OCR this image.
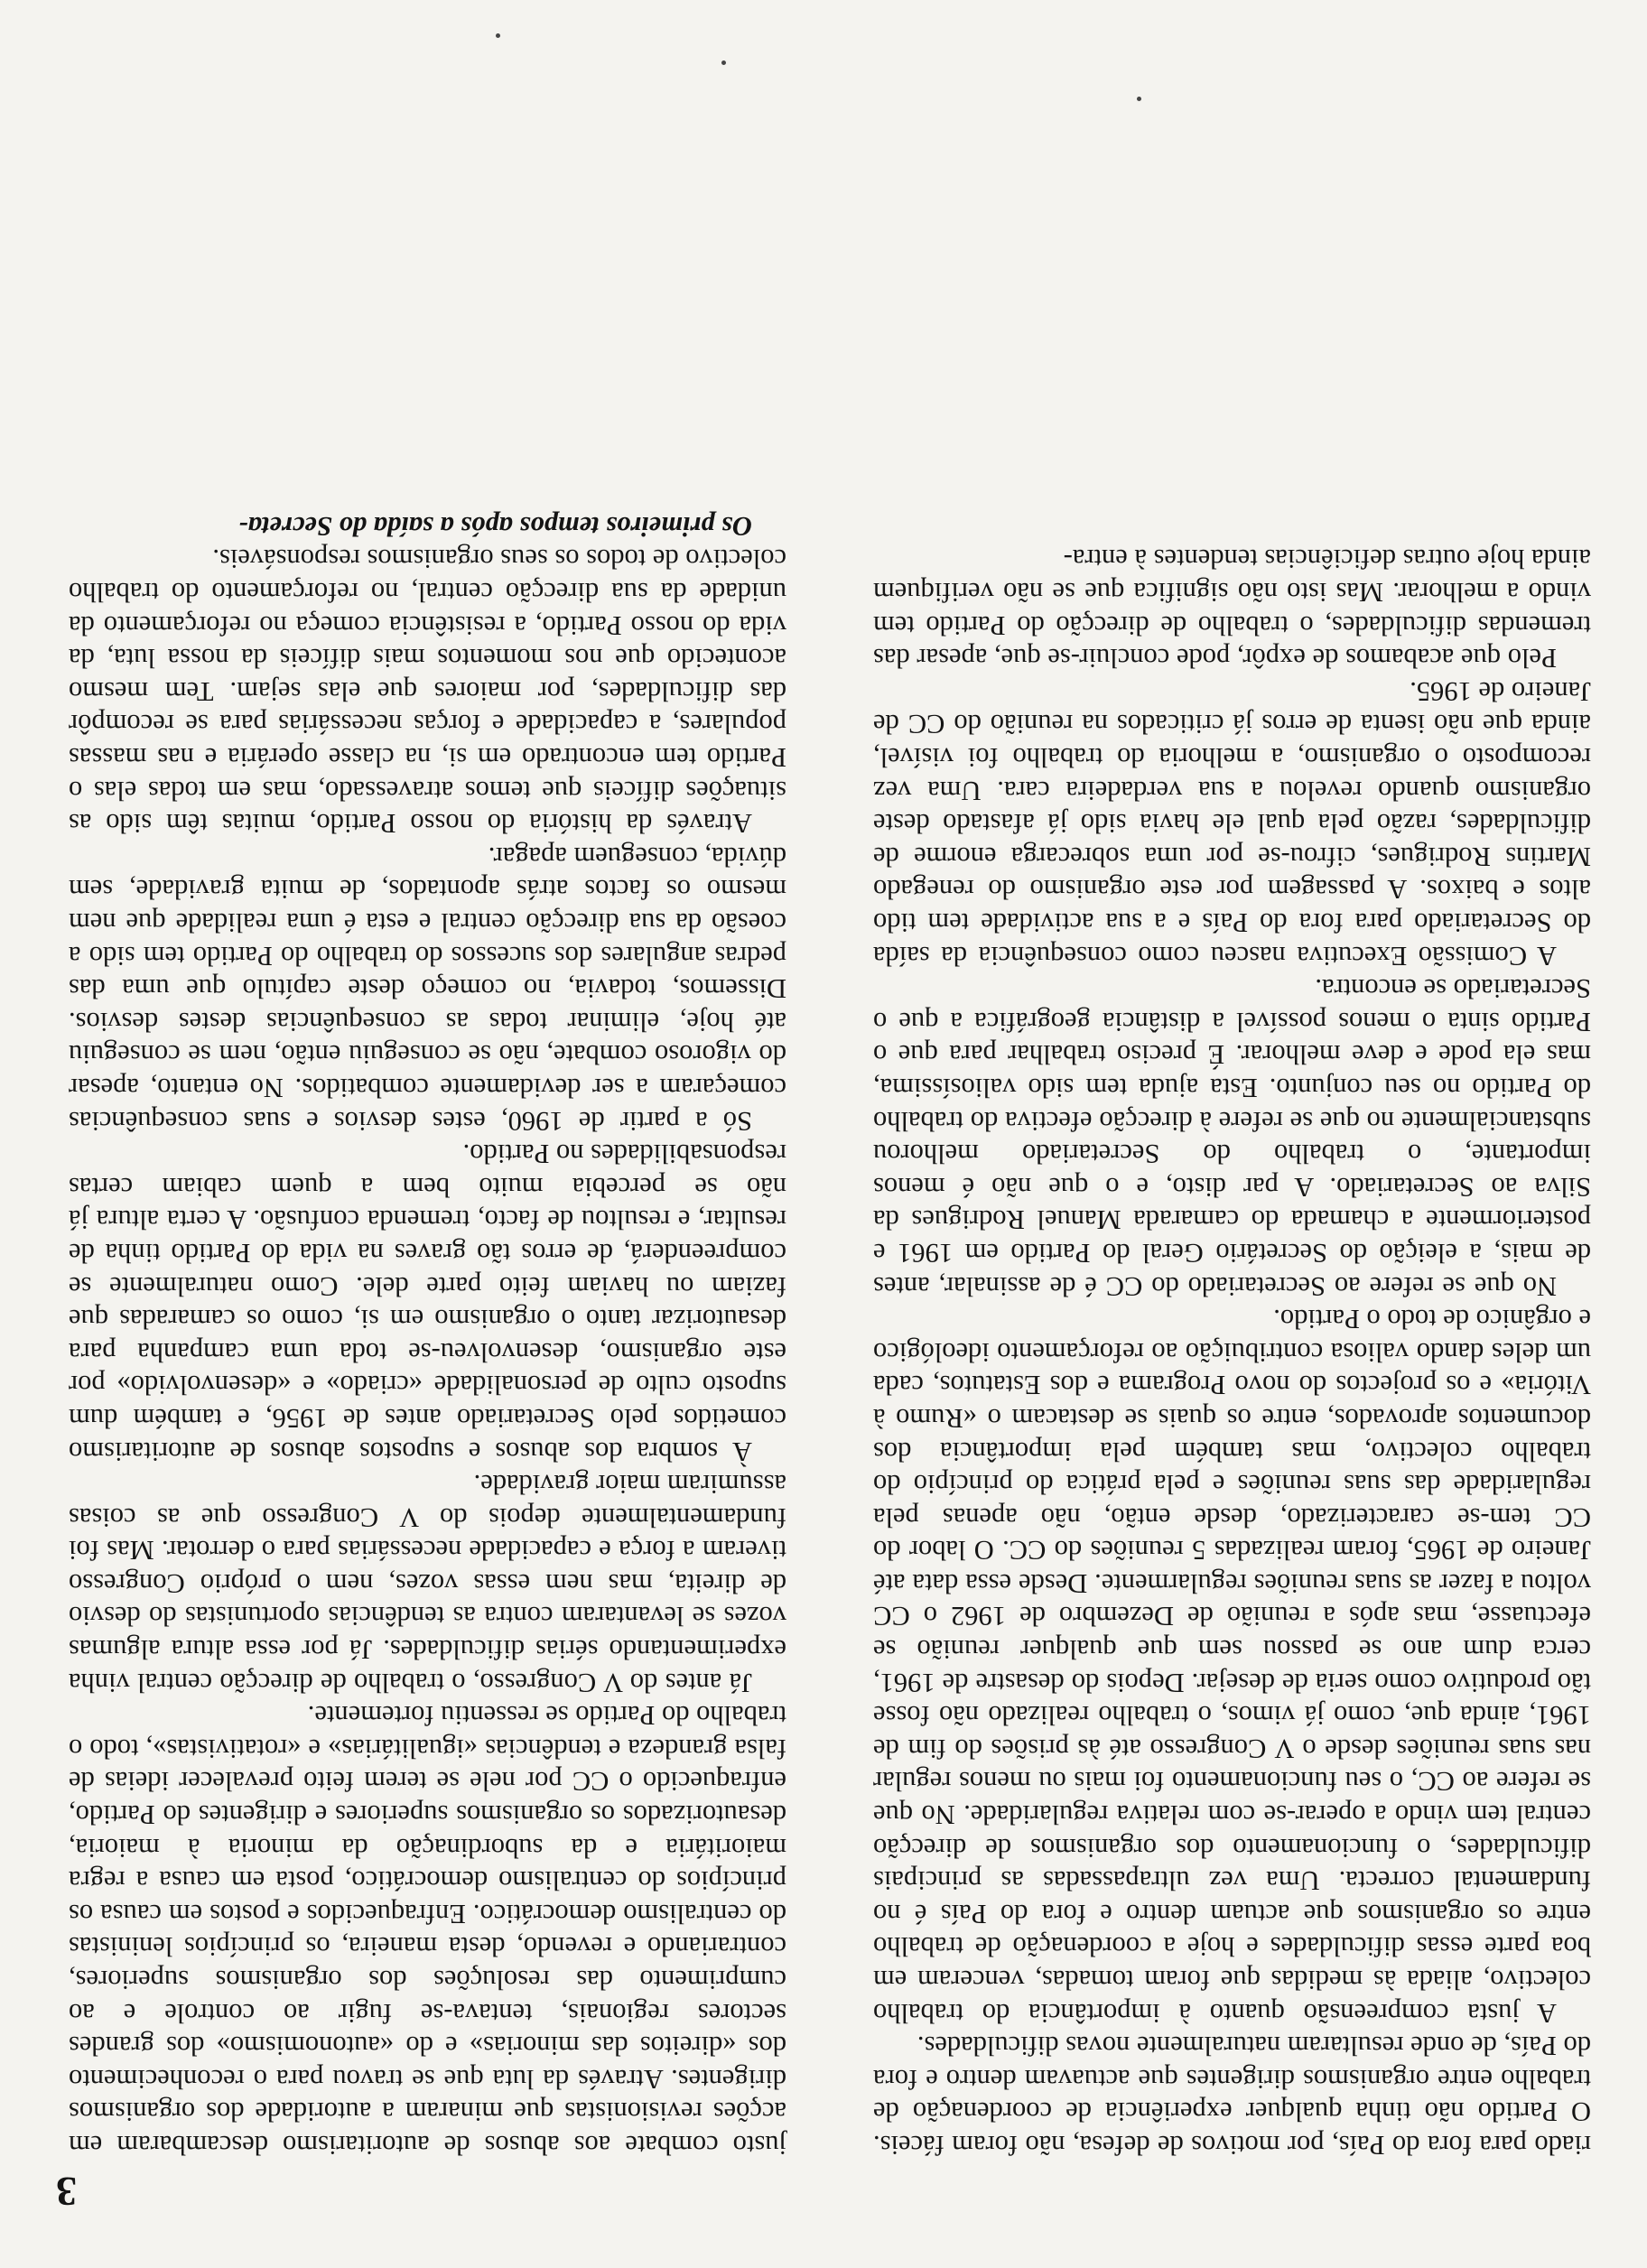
3

riado para fora do País, por motivos de defesa, não foram fáceis. O Partido não tinha qualquer experiência de coordenação de trabalho entre organismos dirigentes que actuavam dentro e fora do País, de onde resultaram naturalmente novas dificuldades.

A justa compreensão quanto à importância do trabalho colectivo, aliada às medidas que foram tomadas, venceram em boa parte essas dificuldades e hoje a coordenação de trabalho entre os organismos que actuam dentro e fora do País é no fundamental correcta. Uma vez ultrapassadas as principais dificuldades, o funcionamento dos organismos de direcção central tem vindo a operar-se com relativa regularidade. No que se refere ao CC, o seu funcionamento foi mais ou menos regular nas suas reuniões desde o V Congresso até às prisões do fim de 1961, ainda que, como já vimos, o trabalho realizado não fosse tão produtivo como seria de desejar. Depois do desastre de 1961, cerca dum ano se passou sem que qualquer reunião se efectuasse, mas após a reunião de Dezembro de 1962 o CC voltou a fazer as suas reuniões regularmente. Desde essa data até Janeiro de 1965, foram realizadas 5 reuniões do CC. O labor do CC tem-se caracterizado, desde então, não apenas pela regularidade das suas reuniões e pela prática do princípio do trabalho colectivo, mas também pela importância dos documentos aprovados, entre os quais se destacam o «Rumo à Vitória» e os projectos do novo Programa e dos Estatutos, cada um deles dando valiosa contribuição ao reforçamento ideológico e orgânico de todo o Partido.

No que se refere ao Secretariado do CC é de assinalar, antes de mais, a eleição do Secretário Geral do Partido em 1961 e posteriormente a chamada do camarada Manuel Rodrigues da Silva ao Secretariado. A par disto, e o que não é menos importante, o trabalho do Secretariado melhorou substancialmente no que se refere à direcção efectiva do trabalho do Partido no seu conjunto. Esta ajuda tem sido valiosíssima, mas ela pode e deve melhorar. É preciso trabalhar para que o Partido sinta o menos possível a distância geográfica a que o Secretariado se encontra.

A Comissão Executiva nasceu como consequência da saída do Secretariado para fora do País e a sua actividade tem tido altos e baixos. A passagem por este organismo do renegado Martins Rodrigues, cifrou-se por uma sobrecarga enorme de dificuldades, razão pela qual ele havia sido já afastado deste organismo quando revelou a sua verdadeira cara. Uma vez recomposto o organismo, a melhoria do trabalho foi visível, ainda que não isenta de erros já criticados na reunião do CC de Janeiro de 1965.

Pelo que acabamos de expôr, pode concluir-se que, apesar das tremendas dificuldades, o trabalho de direcção do Partido tem vindo a melhorar. Mas isto não significa que se não verifiquem ainda hoje outras deficiências tendentes à entra-

justo combate aos abusos de autoritarismo descambaram em acções revisionistas que minaram a autoridade dos organismos dirigentes. Através da luta que se travou para o reconhecimento dos «direitos das minorias» e do «autonomismo» dos grandes sectores regionais, tentava-se fugir ao controle e ao cumprimento das resoluções dos organismos superiores, contrariando e revendo, desta maneira, os princípios leninistas do centralismo democrático. Enfraquecidos e postos em causa os princípios do centralismo democrático, posta em causa a regra maioritária e da subordinação da minoria à maioria, desautorizados os organismos superiores e dirigentes do Partido, enfraquecido o CC por nele se terem feito prevalecer ideias de falsa grandeza e tendências «igualitárias» e «rotativistas», todo o trabalho do Partido se ressentiu fortemente.

Já antes do V Congresso, o trabalho de direcção central vinha experimentando sérias dificuldades. Já por essa altura algumas vozes se levantaram contra as tendências oportunistas do desvio de direita, mas nem essas vozes, nem o próprio Congresso tiveram a força e capacidade necessárias para o derrotar. Mas foi fundamentalmente depois do V Congresso que as coisas assumiram maior gravidade.

À sombra dos abusos e supostos abusos de autoritarismo cometidos pelo Secretariado antes de 1956, e também dum suposto culto de personalidade «criado» e «desenvolvido» por este organismo, desenvolveu-se toda uma campanha para desautorizar tanto o organismo em si, como os camaradas que faziam ou haviam feito parte dele. Como naturalmente se compreenderá, de erros tão graves na vida do Partido tinha de resultar, e resultou de facto, tremenda confusão. A certa altura já não se percebia muito bem a quem cabiam certas responsabilidades no Partido.

Só a partir de 1960, estes desvios e suas consequências começaram a ser devidamente combatidos. No entanto, apesar do vigoroso combate, não se conseguiu então, nem se conseguiu até hoje, eliminar todas as consequências destes desvios. Dissemos, todavia, no começo deste capítulo que uma das pedras angulares dos sucessos do trabalho do Partido tem sido a coesão da sua direcção central e esta é uma realidade que nem mesmo os factos atrás apontados, de muita gravidade, sem dúvida, conseguem apagar.

Através da história do nosso Partido, muitas têm sido as situações difíceis que temos atravessado, mas em todas elas o Partido tem encontrado em si, na classe operária e nas massas populares, a capacidade e forças necessárias para se recompôr das dificuldades, por maiores que elas sejam. Tem mesmo acontecido que nos momentos mais difíceis da nossa luta, da vida do nosso Partido, a resistência começa no reforçamento da unidade da sua direcção central, no reforçamento do trabalho colectivo de todos os seus organismos responsáveis.

Os primeiros tempos após a saída do Secreta-
